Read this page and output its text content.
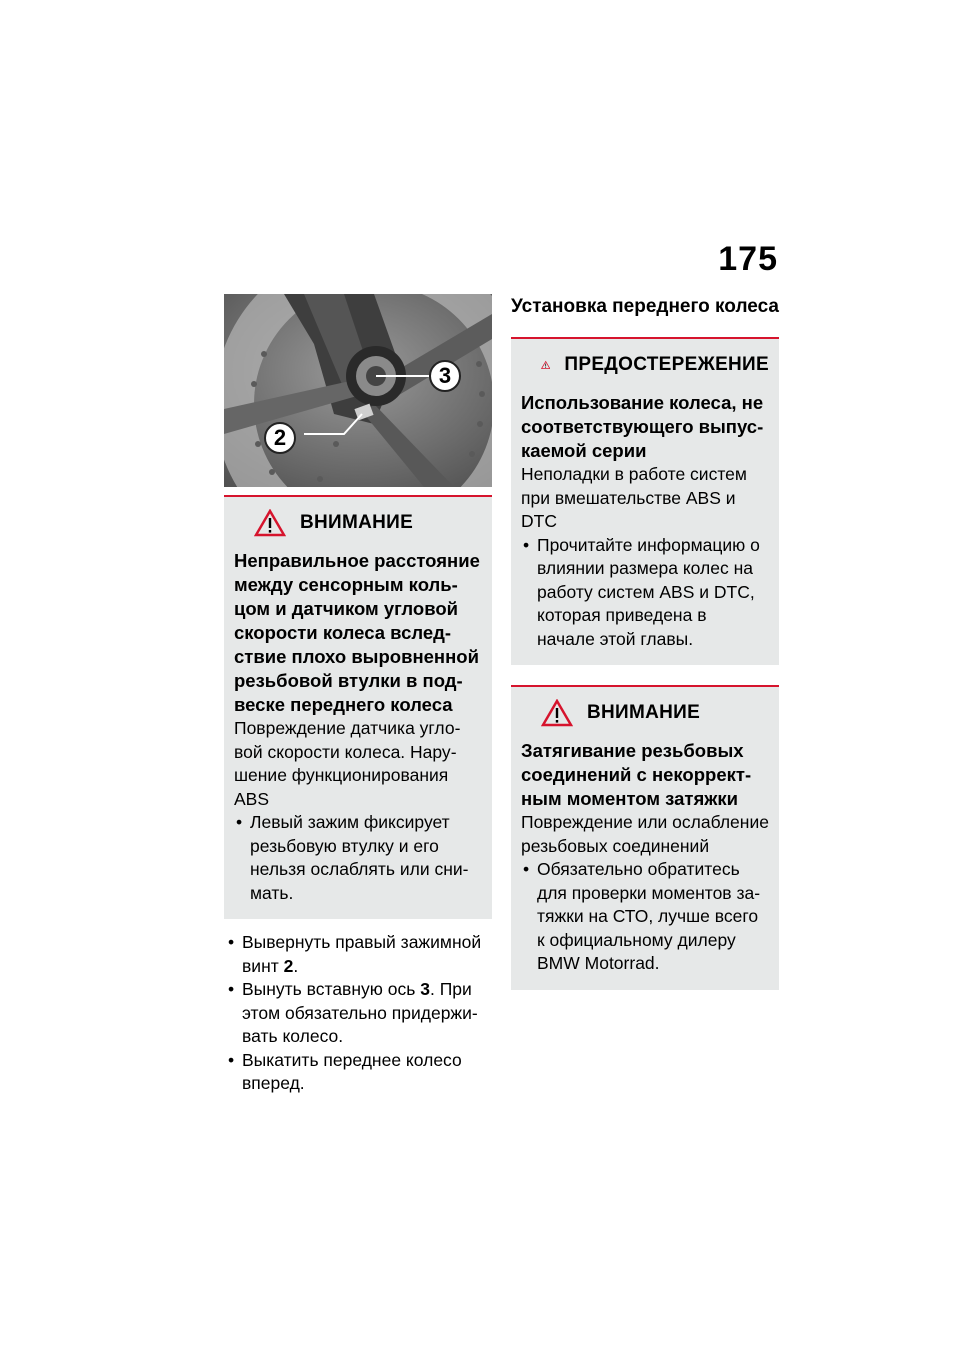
175
3
2
ВНИМАНИЕ
Неправильное расстояние между сенсорным кольцом и датчиком угловой скорости колеса вследствие плохо выровненной резьбовой втулки в подвеске переднего колеса
Повреждение датчика угловой скорости колеса. Нарушение функционирования ABS
• Левый зажим фиксирует резьбовую втулку и его нельзя ослаблять или снимать.
• Вывернуть правый зажимной винт 2.
• Вынуть вставную ось 3. При этом обязательно придерживать колесо.
• Выкатить переднее колесо вперед.
Установка переднего колеса
ПРЕДОСТЕРЕЖЕНИЕ
Использование колеса, не соответствующего выпускаемой серии
Неполадки в работе систем при вмешательстве ABS и DTC
• Прочитайте информацию о влиянии размера колес на работу систем ABS и DTC, которая приведена в начале этой главы.
ВНИМАНИЕ
Затягивание резьбовых соединений с некорректным моментом затяжки
Повреждение или ослабление резьбовых соединений
• Обязательно обратитесь для проверки моментов затяжки на СТО, лучше всего к официальному дилеру BMW Motorrad.
